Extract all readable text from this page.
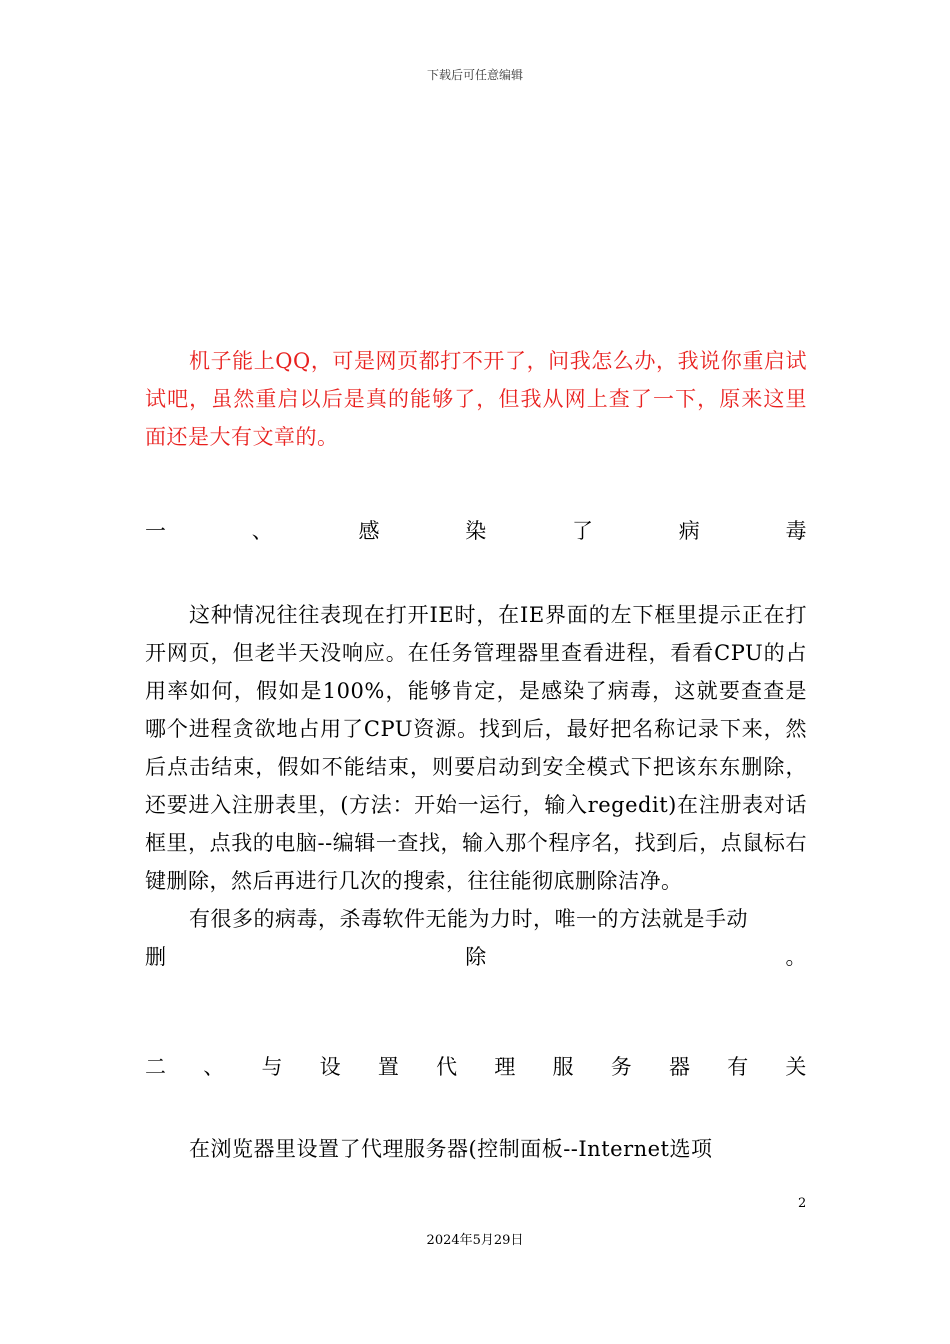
下载后可任意编辑

机子能上QQ，可是网页都打不开了，问我怎么办，我说你重启试试吧，虽然重启以后是真的能够了，但我从网上查了一下，原来这里面还是大有文章的。

一	、	感	染	了	病	毒

这种情况往往表现在打开IE时，在IE界面的左下框里提示正在打开网页，但老半天没响应。在任务管理器里查看进程，看看CPU的占用率如何，假如是100%，能够肯定，是感染了病毒，这就要查查是哪个进程贪欲地占用了CPU资源。找到后，最好把名称记录下来，然后点击结束，假如不能结束，则要启动到安全模式下把该东东删除，还要进入注册表里，(方法：开始一运行，输入regedit)在注册表对话框里，点我的电脑--编辑一查找，输入那个程序名，找到后，点鼠标右键删除，然后再进行几次的搜索，往往能彻底删除洁净。

有很多的病毒，杀毒软件无能为力时，唯一的方法就是手动

删	除	。
二 、 与 设 置 代 理 服 务 器 有 关

在浏览器里设置了代理服务器(控制面板--Internet选项

2
2024年5月29日
